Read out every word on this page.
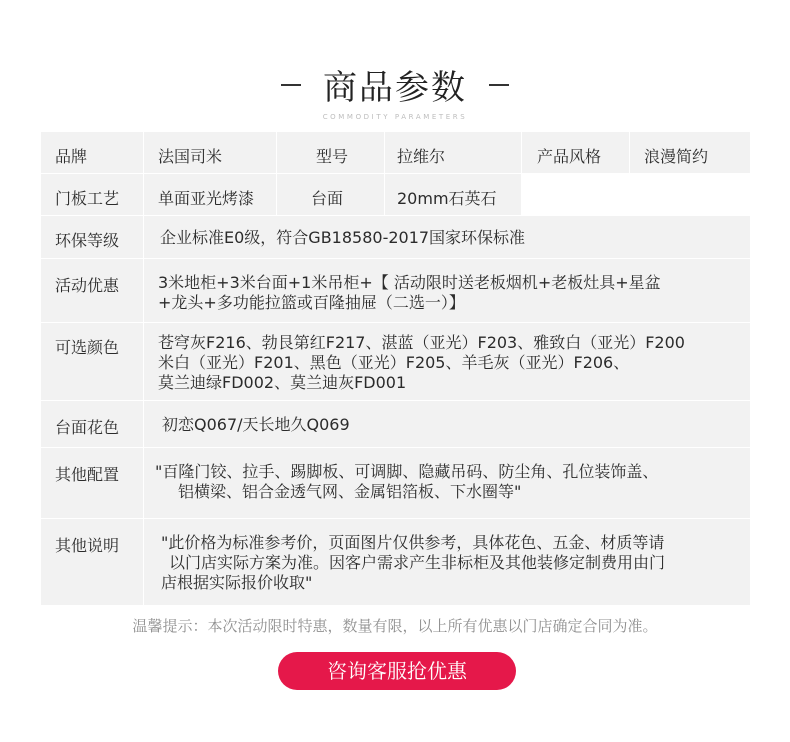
商品参数
COMMODITY PARAMETERS
品牌	法国司米	型号	拉维尔	产品风格	浪漫简约
门板工艺 单面亚光烤漆	台面	20mm石英石
环保等级	企业标准E0级，符合GB18580-2017国家环保标准
活动优惠 3米地柜+3米台面+1米吊柜+【 活动限时送老板烟机+老板灶具+星盆
+龙头+多功能拉篮或百隆抽屉（二选一）】
可选颜色 苍穹灰F216、勃艮第红F217、湛蓝（亚光）F203、雅致白（亚光）F200
米白（亚光）F201、黑色（亚光）F205、羊毛灰（亚光）F206、
莫兰迪绿FD002、莫兰迪灰FD001
台面花色	初恋Q067/天长地久Q069
其他配置 "百隆门铰、拉手、踢脚板、可调脚、隐藏吊码、防尘角、孔位装饰盖、
铝横梁、铝合金透气网、金属铝箔板、下水圈等"
其他说明	"此价格为标准参考价，页面图片仅供参考，具体花色、五金、材质等请
以门店实际方案为准。因客户需求产生非标柜及其他装修定制费用由门
店根据实际报价收取"
温馨提示：本次活动限时特惠，数量有限，以上所有优惠以门店确定合同为准。
咨询客服抢优惠
